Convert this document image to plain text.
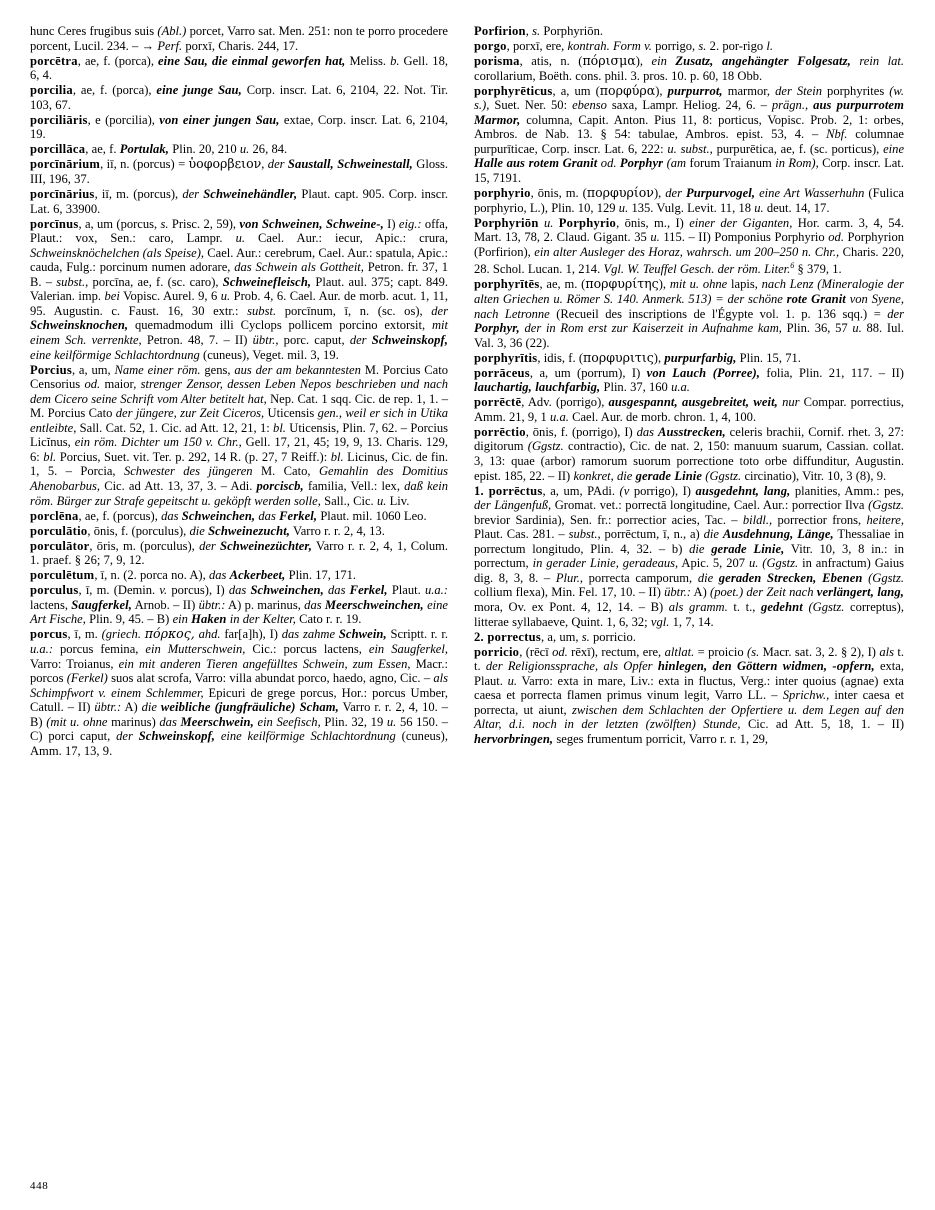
hunc Ceres frugibus suis (Abl.) porcet, Varro sat. Men. 251: non te porro procedere porcent, Lucil. 234. – → Perf. porxī, Charis. 244, 17.

porcētra, ae, f. (porca), eine Sau, die einmal geworfen hat, Meliss. b. Gell. 18, 6, 4.

porcilia, ae, f. (porca), eine junge Sau, Corp. inscr. Lat. 6, 2104, 22. Not. Tir. 103, 67.

porciliāris, e (porcilia), von einer jungen Sau, extae, Corp. inscr. Lat. 6, 2104, 19.

porcillāca, ae, f. Portulak, Plin. 20, 210 u. 26, 84.

porcīnārium, iī, n. (porcus) = ὑοφορβειον, der Saustall, Schweinestall, Gloss. III, 196, 37.

porcīnārius, iī, m. (porcus), der Schweinehändler, Plaut. capt. 905. Corp. inscr. Lat. 6, 33900.

porcīnus, a, um (porcus, s. Prisc. 2, 59), von Schweinen, Schweine-, I) eig.: offa, Plaut.: vox, Sen.: caro, Lampr. u. Cael. Aur.: iecur, Apic.: crura, Schweinsknöchelchen (als Speise), Cael. Aur.: cerebrum, Cael. Aur.: spatula, Apic.: cauda, Fulg.: porcinum numen adorare, das Schwein als Gottheit, Petron. fr. 37, 1 B. – subst., porcīna, ae, f. (sc. caro), Schweinefleisch, Plaut. aul. 375; capt. 849. Valerian. imp. bei Vopisc. Aurel. 9, 6 u. Prob. 4, 6. Cael. Aur. de morb. acut. 1, 11, 95. Augustin. c. Faust. 16, 30 extr.: subst. porcīnum, ī, n. (sc. os), der Schweinsknochen, quemadmodum illi Cyclops pollicem porcino extorsit, mit einem Sch. verrenkte, Petron. 48, 7. – II) übtr., porc. caput, der Schweinskopf, eine keilförmige Schlachtordnung (cuneus), Veget. mil. 3, 19.

Porcius, a, um, Name einer röm. gens, aus der am bekanntesten M. Porcius Cato Censorius od. maior, strenger Zensor, dessen Leben Nepos beschrieben und nach dem Cicero seine Schrift vom Alter betitelt hat, Nep. Cat. 1 sqq. Cic. de rep. 1, 1. – M. Porcius Cato der jüngere, zur Zeit Ciceros, Uticensis gen., weil er sich in Utika entleibte, Sall. Cat. 52, 1. Cic. ad Att. 12, 21, 1: bl. Uticensis, Plin. 7, 62. – Porcius Licĭnus, ein röm. Dichter um 150 v. Chr., Gell. 17, 21, 45; 19, 9, 13. Charis. 129, 6: bl. Porcius, Suet. vit. Ter. p. 292, 14 R. (p. 27, 7 Reiff.): bl. Licinus, Cic. de fin. 1, 5. – Porcia, Schwester des jüngeren M. Cato, Gemahlin des Domitius Ahenobarbus, Cic. ad Att. 13, 37, 3. – Adi. porciscb, familia, Vell.: lex, daß kein röm. Bürger zur Strafe gepeitscht u. geköpft werden solle, Sall., Cic. u. Liv.

porclēna, ae, f. (porcus), das Schweinchen, das Ferkel, Plaut. mil. 1060 Leo.

porculātio, ōnis, f. (porculus), die Schweinezucht, Varro r. r. 2, 4, 13.

porculātor, ōris, m. (porculus), der Schweinezüchter, Varro r. r. 2, 4, 1, Colum. 1. praef. § 26; 7, 9, 12.

porculētum, ī, n. (2. porca no. A), das Ackerbeet, Plin. 17, 171.

porculus, ī, m. (Demin. v. porcus), I) das Schweinchen, das Ferkel, Plaut. u.a.: lactens, Saugferkel, Arnob. – II) übtr.: A) p. marinus, das Meerschweinchen, eine Art Fische, Plin. 9, 45. – B) ein Haken in der Kelter, Cato r. r. 19.

porcus, ī, m. (griech. πόρκος, ahd. far[a]h), I) das zahme Schwein, Scriptt. r. r. u.a.: porcus femina, ein Mutterschwein, Cic.: porcus lactens, ein Saugferkel, Varro: Troianus, ein mit anderen Tieren angefülltes Schwein, zum Essen, Macr.: porcos (Ferkel) suos alat scrofa, Varro: villa abundat porco, haedo, agno, Cic. – als Schimpfwort v. einem Schlemmer, Epicuri de grege porcus, Hor.: porcus Umber, Catull. – II) übtr.: A) die weibliche (jungfräuliche) Scham, Varro r. r. 2, 4, 10. – B) (mit u. ohne marinus) das Meerschwein, ein Seefisch, Plin. 32, 19 u. 56 150. – C) porci caput, der Schweinskopf, eine keilförmige Schlachtordnung (cuneus), Amm. 17, 13, 9.

Porfirion, s. Porphyriōn.

porgo, porxī, ere, kontrah. Form v. porrigo, s. 2. por-rigo l.

porisma, atis, n. (πόρισμα), ein Zusatz, angehängter Folgesatz, rein lat. corollarium, Boëth. cons. phil. 3. pros. 10. p. 60, 18 Obb.

porphyrēticus, a, um (πορφύρα), purpurrot, marmor, der Stein porphyrites (w. s.), Suet. Ner. 50: ebenso saxa, Lampr. Heliog. 24, 6. – prägn., aus purpurrotem Marmor, columna, Capit. Anton. Pius 11, 8: porticus, Vopisc. Prob. 2, 1: orbes, Ambros. de Nab. 13. § 54: tabulae, Ambros. epist. 53, 4. – Nbf. columnae purpurīticae, Corp. inscr. Lat. 6, 222: u. subst., purpurētica, ae, f. (sc. porticus), eine Halle aus rotem Granit od. Porphyr (am forum Traianum in Rom), Corp. inscr. Lat. 15, 7191.

porphyrio, ōnis, m. (πορφυρίον), der Purpurvogel, eine Art Wasserhuhn (Fulica porphyrio, L.), Plin. 10, 129 u. 135. Vulg. Levit. 11, 18 u. deut. 14, 17.

Porphyriōn u. Porphyrio, ōnis, m., I) einer der Giganten, Hor. carm. 3, 4, 54. Mart. 13, 78, 2. Claud. Gigant. 35 u. 115. – II) Pomponius Porphyrio od. Porphyrion (Porfirion), ein alter Ausleger des Horaz, wahrsch. um 200–250 n. Chr., Charis. 220, 28. Schol. Lucan. 1, 214. Vgl. W. Teuffel Gesch. der röm. Liter.$^6$ § 379, 1.

porphyrītēs, ae, m. (πορφυρίτης), mit u. ohne lapis, nach Lenz (Mineralogie der alten Griechen u. Römer S. 140. Anmerk. 513) = der schöne rote Granit von Syene, nach Letronne (Recueil des inscriptions de l'Égypte vol. 1. p. 136 sqq.) = der Porphyr, der in Rom erst zur Kaiserzeit in Aufnahme kam, Plin. 36, 57 u. 88. Iul. Val. 3, 36 (22).

porphyrītis, idis, f. (πορφυριτις), purpurfarbig, Plin. 15, 71.

porrāceus, a, um (porrum), I) von Lauch (Porree), folia, Plin. 21, 117. – II) lauchartig, lauchfarbig, Plin. 37, 160 u.a.

porrēctē, Adv. (porrigo), ausgespannt, ausgebreitet, weit, nur Compar. porrectius, Amm. 21, 9, 1 u.a. Cael. Aur. de morb. chron. 1, 4, 100.

porrēctio, ōnis, f. (porrigo), I) das Ausstrecken, celeris brachii, Cornif. rhet. 3, 27: digitorum (Ggstz. contractio), Cic. de nat. 2, 150: manuum suarum, Cassian. collat. 3, 13: quae (arbor) ramorum suorum porrectione toto orbe diffunditur, Augustin. epist. 185, 22. – II) konkret, die gerade Linie (Ggstz. circinatio), Vitr. 10, 3 (8), 9.

1. porrēctus, a, um, PAdi. (v porrigo), I) ausgedehnt, lang, planities, Amm.: pes, der Längenfuß, Gromat. vet.: porrectā longitudine, Cael. Aur.: porrectior Ilva (Ggstz. brevior Sardinia), Sen. fr.: porrectior acies, Tac. – bildl., porrectior frons, heitere, Plaut. Cas. 281. – subst., porrēctum, ī, n., a) die Ausdehnung, Länge, Thessaliae in porrectum longitudo, Plin. 4, 32. – b) die gerade Linie, Vitr. 10, 3, 8 in.: in porrectum, in gerader Linie, geradeaus, Apic. 5, 207 u. (Ggstz. in anfractum) Gaius dig. 8, 3, 8. – Plur., porrecta camporum, die geraden Strecken, Ebenen (Ggstz. collium flexa), Min. Fel. 17, 10. – II) übtr.: A) (poet.) der Zeit nach verlängert, lang, mora, Ov. ex Pont. 4, 12, 14. – B) als gramm. t. t., gedehnt (Ggstz. correptus), litterae syllabaeve, Quint. 1, 6, 32; vgl. 1, 7, 14.

2. porrectus, a, um, s. porricio.

porricio, (rēcī od. rēxī), rectum, ere, altlat. = proicio (s. Macr. sat. 3, 2. § 2), I) als t. t. der Religionssprache, als Opfer hinlegen, den Göttern widmen, -opfern, exta, Plaut. u. Varro: exta in mare, Liv.: exta in fluctus, Verg.: inter quoius (agnae) exta caesa et porrecta flamen primus vinum legit, Varro LL. – Sprichw., inter caesa et porrecta, ut aiunt, zwischen dem Schlachten der Opfertiere u. dem Legen auf den Altar, d.i. noch in der letzten (zwölften) Stunde, Cic. ad Att. 5, 18, 1. – II) hervorbringen, seges frumentum porricit, Varro r. r. 1, 29,

448
